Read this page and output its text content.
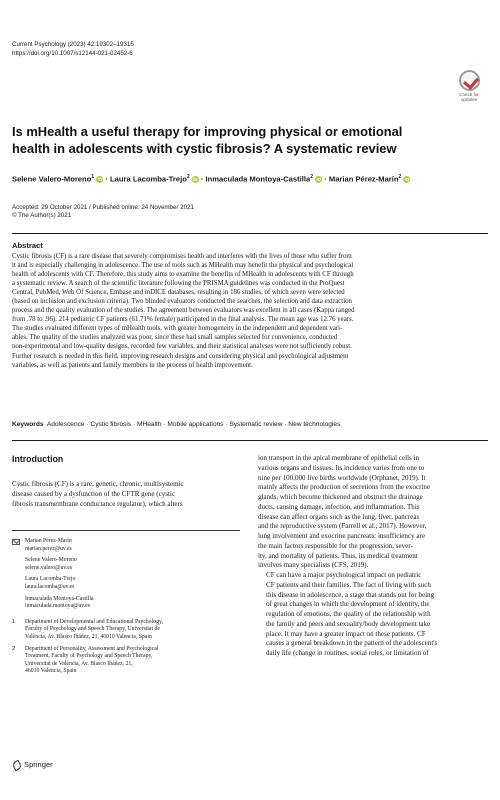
Current Psychology (2023) 42:19302–19315
https://doi.org/10.1007/s12144-021-02452-6
Check for updates
Is mHealth a useful therapy for improving physical or emotional
health in adolescents with cystic fibrosis? A systematic review
Selene Valero-Moreno$^1$ iD · Laura Lacomba-Trejo$^2$ iD · Inmaculada Montoya-Castilla$^2$ iD · Marian Pérez-Marín$^2$ iD
Accepted: 29 October 2021 / Published online: 24 November 2021
© The Author(s) 2021
Abstract
Cystic fibrosis (CF) is a rare disease that severely compromises health and interferes with the lives of those who suffer from
it and is especially challenging in adolescence. The use of tools such as MHealth may benefit the physical and psychological
health of adolescents with CF. Therefore, this study aims to examine the benefits of MHealth in adolescents with CF through
a systematic review. A search of the scientific literature following the PRISMA guidelines was conducted in the ProQuest
Central, PubMed, Web Of Science, Embase and inDICE databases, resulting in 186 studies, of which seven were selected
(based on inclusion and exclusion criteria). Two blinded evaluators conducted the searches, the selection and data extraction
process and the quality evaluation of the studies. The agreement between evaluators was excellent in all cases (Kappa ranged
from .78 to .96). 214 pediatric CF patients (61.71% female) participated in the final analysis. The mean age was 12.76 years.
The studies evaluated different types of mHealth tools, with greater homogeneity in the independent and dependent vari-
ables. The quality of the studies analyzed was poor, since these had small samples selected for convenience, conducted
non-experimental and low-quality designs, recorded few variables, and their statistical analyses were not sufficiently robust.
Further research is needed in this field, improving research designs and considering physical and psychological adjustment
variables, as well as patients and family members in the process of health improvement.
Keywords Adolescence · Cystic fibrosis · MHealth · Mobile applications · Systematic review · New technologies
Introduction
Cystic fibrosis (CF) is a rare, genetic, chronic, multisystemic
disease caused by a dysfunction of the CFTR gene (cystic
fibrosis transmembrane conductance regulator), which alters
Marian Pérez-Marín
marian.perez@uv.es
Selene Valero-Moreno
selene.valero@uv.es
Laura Lacomba-Trejo
laura.lacomba@uv.es
Inmaculada Montoya-Castilla
inmaculada.montoya@uv.es
1	Department of Developmental and Educational Psychology,
Faculty of Psychology and Speech Therapy, Universitat de
València, Av. Blasco Ibáñez, 21, 46010 Valencia, Spain
2	Department of Personality, Assessment and Psychological
Treatment, Faculty of Psychology and Speech Therapy,
Universitat de València, Av. Blasco Ibáñez, 21,
46010 Valencia, Spain

ion transport in the apical membrane of epithelial cells in
various organs and tissues. Its incidence varies from one to
nine per 100,000 live births worldwide (Orphanet, 2019). It
mainly affects the production of secretions from the exocrine
glands, which become thickened and obstruct the drainage
ducts, causing damage, infection, and inflammation. This
disease can affect organs such as the lung, liver, pancreas
and the reproductive system (Farrell et al., 2017). However,
lung involvement and exocrine pancreatic insufficiency are
the main factors responsible for the progression, sever-
ity, and mortality of patients. Thus, its medical treatment
involves many specialists (CFS, 2019).

CF can have a major psychological impact on pediatric
CF patients and their families. The fact of living with such
this disease in adolescence, a stage that stands out for being
of great changes in which the development of identity, the
regulation of emotions, the quality of the relationship with
the family and peers and sexuality/body development take
place. It may have a greater impact on these patients. CF
causes a general breakdown in the pattern of the adolescent's
daily life (change in routines, social roles, or limitation of

Springer
